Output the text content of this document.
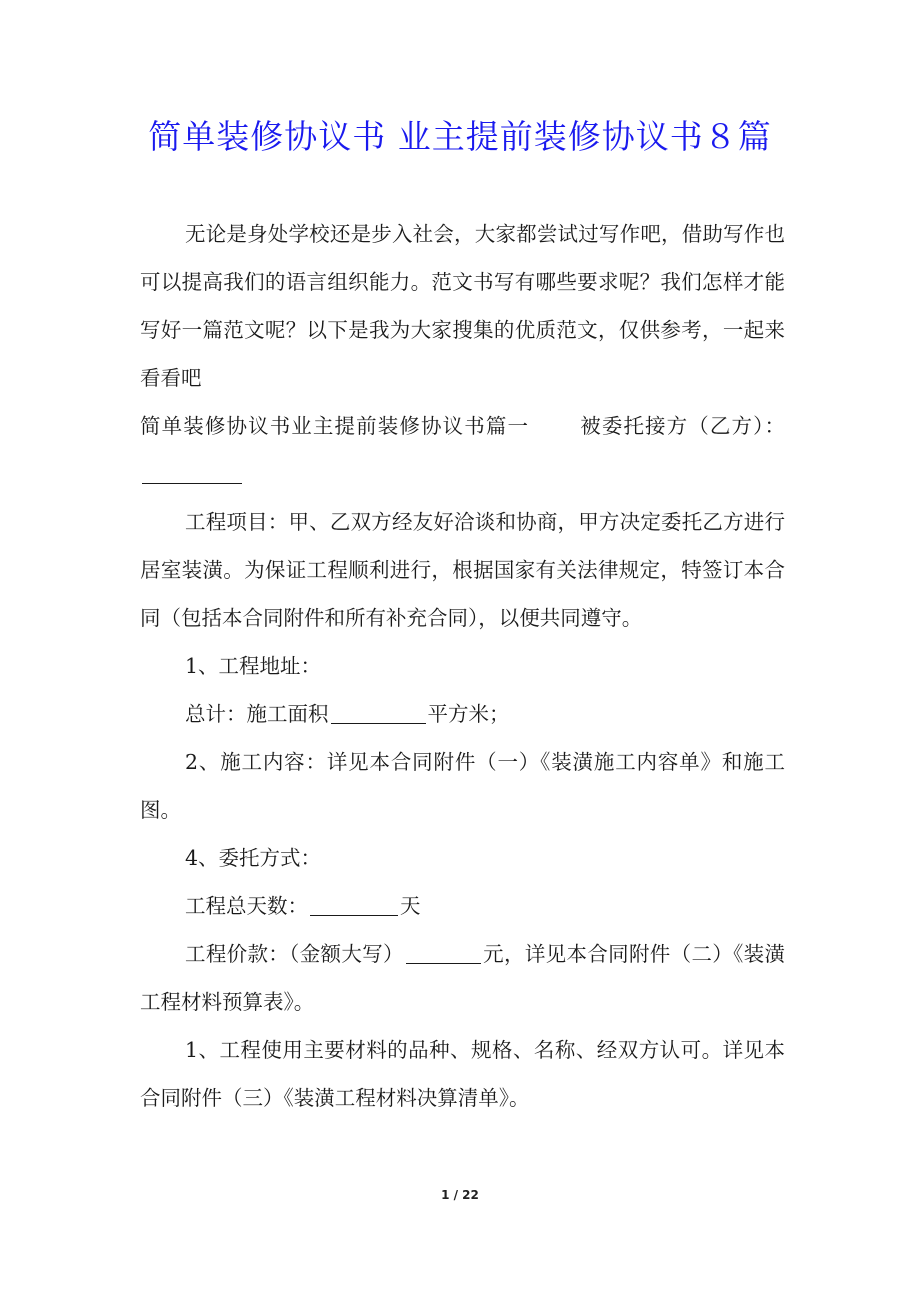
简单装修协议书 业主提前装修协议书８篇

无论是身处学校还是步入社会，大家都尝试过写作吧，借助写作也可以提高我们的语言组织能力。范文书写有哪些要求呢？我们怎样才能写好一篇范文呢？以下是我为大家搜集的优质范文，仅供参考，一起来看看吧

简单装修协议书业主提前装修协议书篇一 被委托接方（乙方）：

工程项目：甲、乙双方经友好洽谈和协商，甲方决定委托乙方进行居室装潢。为保证工程顺利进行，根据国家有关法律规定，特签订本合同（包括本合同附件和所有补充合同），以便共同遵守。

1、工程地址：

总计：施工面积	平方米；

2、施工内容：详见本合同附件（一）《装潢施工内容单》和施工图。

4、委托方式：

工程总天数：	天

工程价款：（金额大写）	元，详见本合同附件（二）《装潢工程材料预算表》。

1、工程使用主要材料的品种、规格、名称、经双方认可。详见本合同附件（三）《装潢工程材料决算清单》。

1 / 22
